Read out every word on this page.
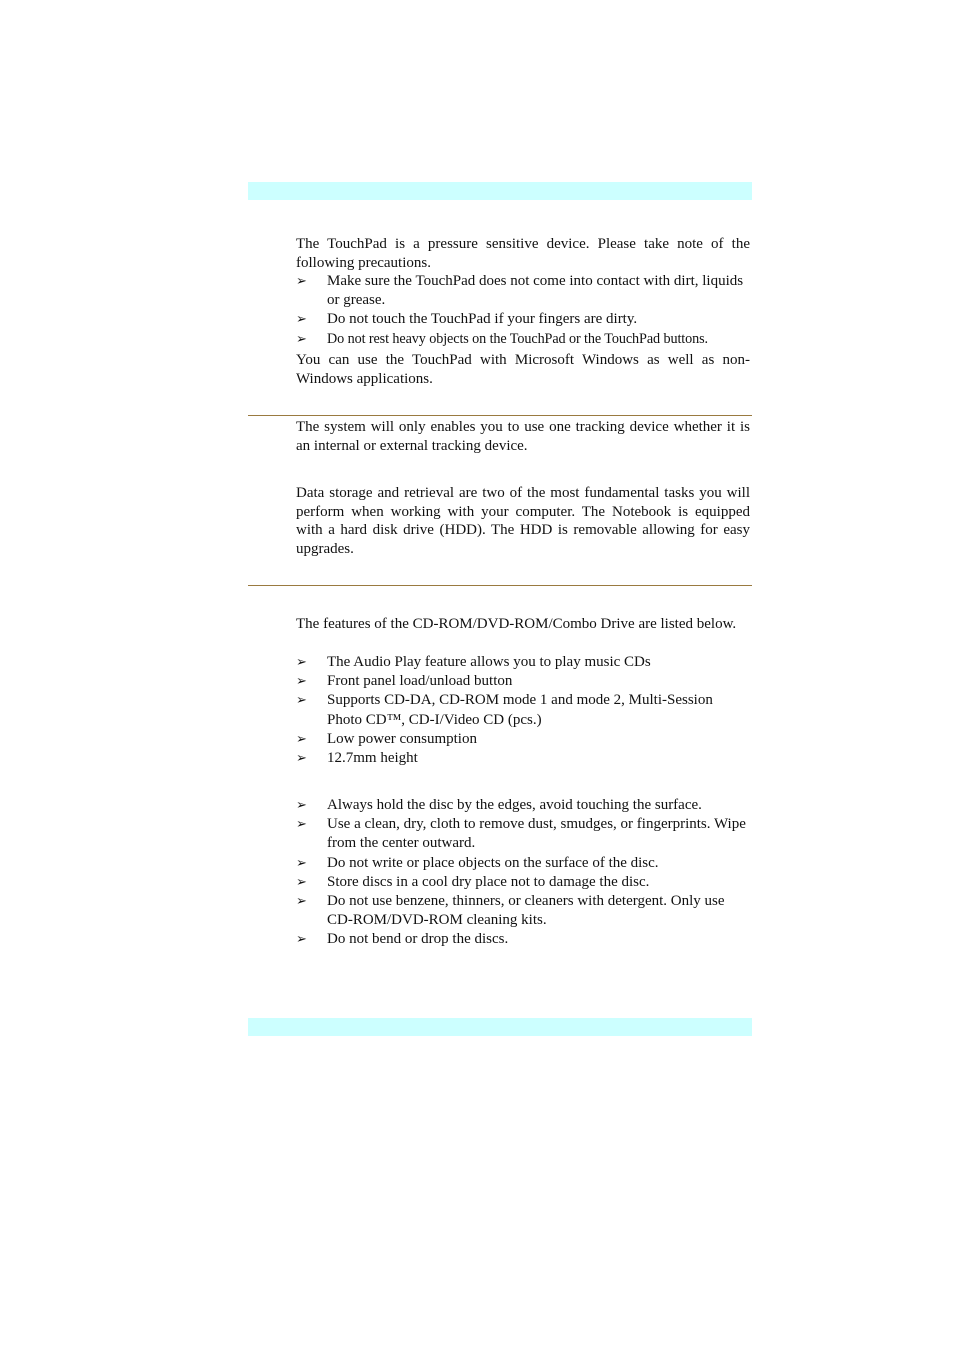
The TouchPad is a pressure sensitive device. Please take note of the following precautions.

➢	Make sure the TouchPad does not come into contact with dirt, liquids or grease.
➢	Do not touch the TouchPad if your fingers are dirty.
➢	Do not rest heavy objects on the TouchPad or the TouchPad buttons.

You can use the TouchPad with Microsoft Windows as well as non-Windows applications.

The system will only enables you to use one tracking device whether it is an internal or external tracking device.

Data storage and retrieval are two of the most fundamental tasks you will perform when working with your computer. The Notebook is equipped with a hard disk drive (HDD). The HDD is removable allowing for easy upgrades.

The features of the CD-ROM/DVD-ROM/Combo Drive are listed below.

➢	The Audio Play feature allows you to play music CDs
➢	Front panel load/unload button
➢	Supports CD-DA, CD-ROM mode 1 and mode 2, Multi-Session Photo CD™, CD-I/Video CD (pcs.)
➢	Low power consumption
➢	12.7mm height
➢	Always hold the disc by the edges, avoid touching the surface.
➢	Use a clean, dry, cloth to remove dust, smudges, or fingerprints. Wipe from the center outward.
➢	Do not write or place objects on the surface of the disc.
➢	Store discs in a cool dry place not to damage the disc.
➢	Do not use benzene, thinners, or cleaners with detergent. Only use CD-ROM/DVD-ROM cleaning kits.
➢	Do not bend or drop the discs.
